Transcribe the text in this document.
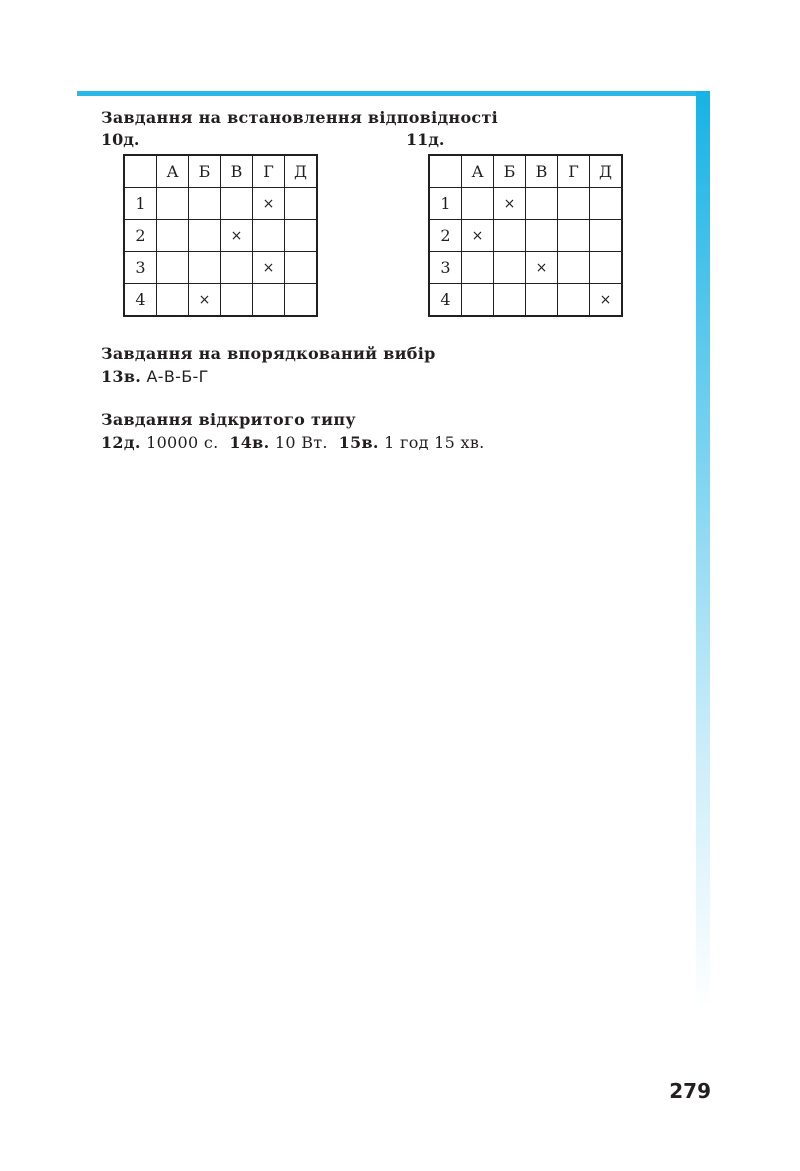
Завдання на встановлення відповідності
10д.	11д.
	А	Б	В	Г	Д
1				×	
2			×		
3				×	
4		×			
	А	Б	В	Г	Д
1		×			
2	×				
3			×		
4					×
Завдання на впорядкований вибір
13в. А-В-Б-Г
Завдання відкритого типу
12д. 10000 с. 14в. 10 Вт. 15в. 1 год 15 хв.
279
